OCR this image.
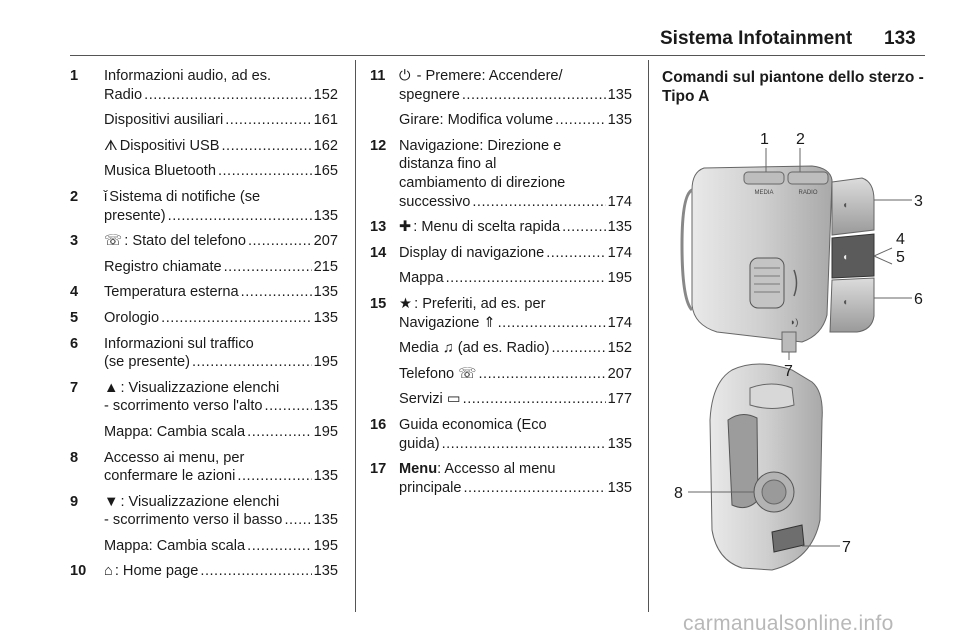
Sistema Infotainment 133
1 Informazioni audio, ad es.
Radio .....	152
Dispositivi ausiliari .....	161
ᗑ Dispositivi USB .....	162
Musica Bluetooth .....	165
2 ǐ Sistema di notifiche (se
presente) .....	135
3 ☏ : Stato del telefono .....	207
Registro chiamate .....	215
4 Temperatura esterna .....	135
5 Orologio .....	135
6 Informazioni sul traffico
(se presente) .....	195
7 ▲ : Visualizzazione elenchi
- scorrimento verso l'alto .....	135
Mappa: Cambia scala .....	195
8 Accesso ai menu, per
confermare le azioni .....	135
9 ▼ : Visualizzazione elenchi
- scorrimento verso il basso ..... 135
Mappa: Cambia scala .....	195
10 ⌂ : Home page .....	135
11 ⏻ - Premere: Accendere/
spegnere .....	135
Girare: Modifica volume .....	135
12 Navigazione: Direzione e
distanza fino al
cambiamento di direzione
successivo .....	174
13 ✚ : Menu di scelta rapida .....	135
14 Display di navigazione .....	174
Mappa .....	195
15 ★ : Preferiti, ad es. per
Navigazione ⇑ .....	174
Media ♫ (ad es. Radio) .....	152
Telefono ☏ .....	207
Servizi ▭ .....	177
16 Guida economica (Eco
guida) .....	135
17 Menu: Accesso al menu
principale .....	135
Comandi sul piantone dello sterzo - Tipo A
MEDIA	RADIO
◖
◖
◖
◗)
1 2
3
4
5
6
7
8
7
carmanualsonline.info
